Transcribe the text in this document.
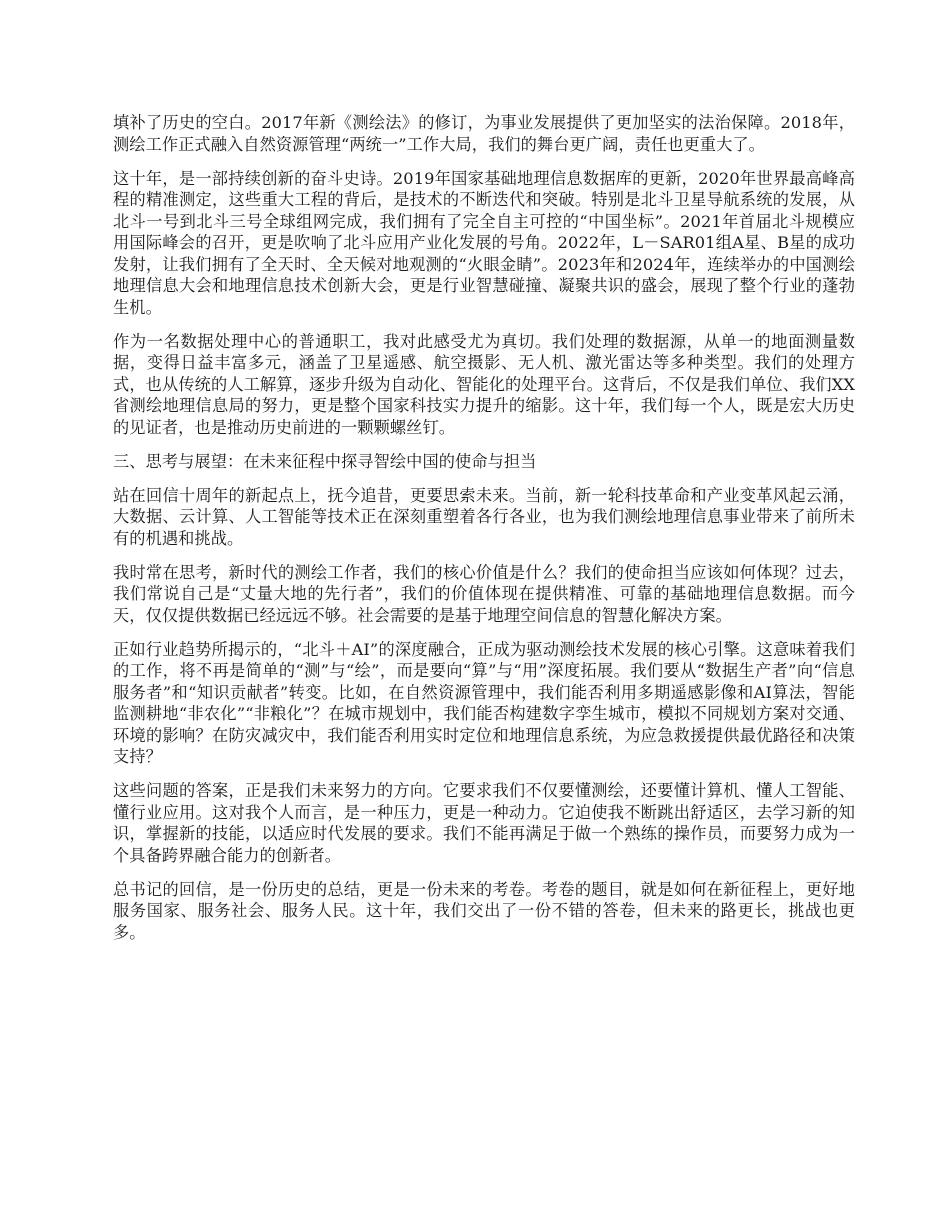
填补了历史的空白。2017年新《测绘法》的修订，为事业发展提供了更加坚实的法治保障。2018年，测绘工作正式融入自然资源管理“两统一”工作大局，我们的舞台更广阔，责任也更重大了。

这十年，是一部持续创新的奋斗史诗。2019年国家基础地理信息数据库的更新，2020年世界最高峰高程的精准测定，这些重大工程的背后，是技术的不断迭代和突破。特别是北斗卫星导航系统的发展，从北斗一号到北斗三号全球组网完成，我们拥有了完全自主可控的“中国坐标”。2021年首届北斗规模应用国际峰会的召开，更是吹响了北斗应用产业化发展的号角。2022年，L－SAR01组A星、B星的成功发射，让我们拥有了全天时、全天候对地观测的“火眼金睛”。2023年和2024年，连续举办的中国测绘地理信息大会和地理信息技术创新大会，更是行业智慧碰撞、凝聚共识的盛会，展现了整个行业的蓬勃生机。

作为一名数据处理中心的普通职工，我对此感受尤为真切。我们处理的数据源，从单一的地面测量数据，变得日益丰富多元，涵盖了卫星遥感、航空摄影、无人机、激光雷达等多种类型。我们的处理方式，也从传统的人工解算，逐步升级为自动化、智能化的处理平台。这背后，不仅是我们单位、我们XX省测绘地理信息局的努力，更是整个国家科技实力提升的缩影。这十年，我们每一个人，既是宏大历史的见证者，也是推动历史前进的一颗颗螺丝钉。

三、思考与展望：在未来征程中探寻智绘中国的使命与担当

站在回信十周年的新起点上，抚今追昔，更要思索未来。当前，新一轮科技革命和产业变革风起云涌，大数据、云计算、人工智能等技术正在深刻重塑着各行各业，也为我们测绘地理信息事业带来了前所未有的机遇和挑战。

我时常在思考，新时代的测绘工作者，我们的核心价值是什么？我们的使命担当应该如何体现？过去，我们常说自己是“丈量大地的先行者”，我们的价值体现在提供精准、可靠的基础地理信息数据。而今天，仅仅提供数据已经远远不够。社会需要的是基于地理空间信息的智慧化解决方案。

正如行业趋势所揭示的，“北斗＋AI”的深度融合，正成为驱动测绘技术发展的核心引擎。这意味着我们的工作，将不再是简单的“测”与“绘”，而是要向“算”与“用”深度拓展。我们要从“数据生产者”向“信息服务者”和“知识贡献者”转变。比如，在自然资源管理中，我们能否利用多期遥感影像和AI算法，智能监测耕地“非农化”“非粮化”？在城市规划中，我们能否构建数字孪生城市，模拟不同规划方案对交通、环境的影响？在防灾减灾中，我们能否利用实时定位和地理信息系统，为应急救援提供最优路径和决策支持？

这些问题的答案，正是我们未来努力的方向。它要求我们不仅要懂测绘，还要懂计算机、懂人工智能、懂行业应用。这对我个人而言，是一种压力，更是一种动力。它迫使我不断跳出舒适区，去学习新的知识，掌握新的技能，以适应时代发展的要求。我们不能再满足于做一个熟练的操作员，而要努力成为一个具备跨界融合能力的创新者。

总书记的回信，是一份历史的总结，更是一份未来的考卷。考卷的题目，就是如何在新征程上，更好地服务国家、服务社会、服务人民。这十年，我们交出了一份不错的答卷，但未来的路更长，挑战也更多。
